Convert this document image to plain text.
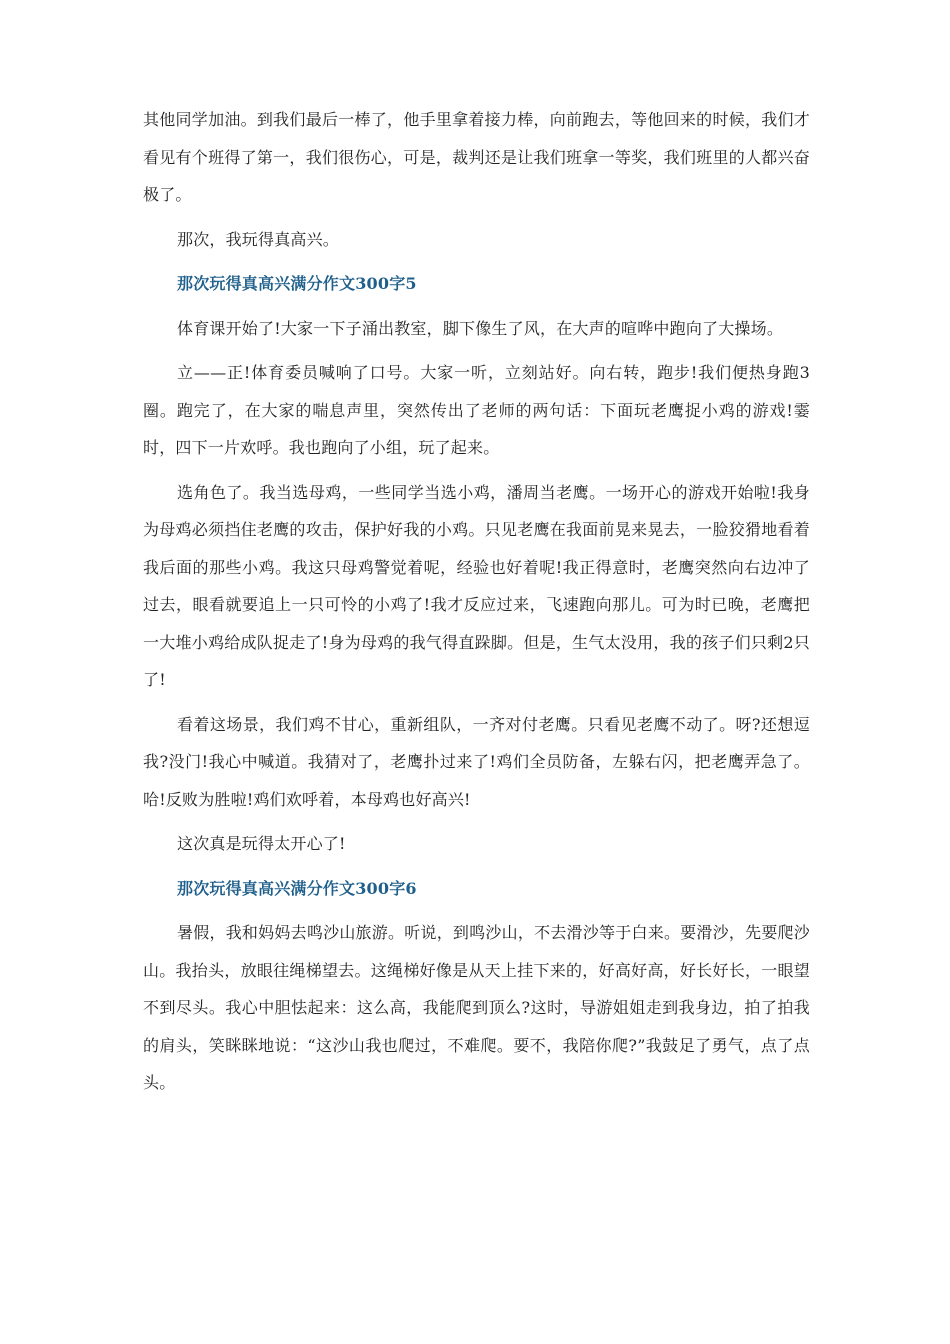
其他同学加油。到我们最后一棒了，他手里拿着接力棒，向前跑去，等他回来的时候，我们才看见有个班得了第一，我们很伤心，可是，裁判还是让我们班拿一等奖，我们班里的人都兴奋极了。

那次，我玩得真高兴。

那次玩得真高兴满分作文300字5

体育课开始了!大家一下子涌出教室，脚下像生了风，在大声的喧哗中跑向了大操场。

立——正!体育委员喊响了口号。大家一听，立刻站好。向右转，跑步!我们便热身跑3圈。跑完了，在大家的喘息声里，突然传出了老师的两句话：下面玩老鹰捉小鸡的游戏!霎时，四下一片欢呼。我也跑向了小组，玩了起来。

选角色了。我当选母鸡，一些同学当选小鸡，潘周当老鹰。一场开心的游戏开始啦!我身为母鸡必须挡住老鹰的攻击，保护好我的小鸡。只见老鹰在我面前晃来晃去，一脸狡猾地看着我后面的那些小鸡。我这只母鸡警觉着呢，经验也好着呢!我正得意时，老鹰突然向右边冲了过去，眼看就要追上一只可怜的小鸡了!我才反应过来，飞速跑向那儿。可为时已晚，老鹰把一大堆小鸡给成队捉走了!身为母鸡的我气得直跺脚。但是，生气太没用，我的孩子们只剩2只了!

看着这场景，我们鸡不甘心，重新组队，一齐对付老鹰。只看见老鹰不动了。呀?还想逗我?没门!我心中喊道。我猜对了，老鹰扑过来了!鸡们全员防备，左躲右闪，把老鹰弄急了。哈!反败为胜啦!鸡们欢呼着，本母鸡也好高兴!

这次真是玩得太开心了!

那次玩得真高兴满分作文300字6

暑假，我和妈妈去鸣沙山旅游。听说，到鸣沙山，不去滑沙等于白来。要滑沙，先要爬沙山。我抬头，放眼往绳梯望去。这绳梯好像是从天上挂下来的，好高好高，好长好长，一眼望不到尽头。我心中胆怯起来：这么高，我能爬到顶么?这时，导游姐姐走到我身边，拍了拍我的肩头，笑眯眯地说：“这沙山我也爬过，不难爬。要不，我陪你爬?”我鼓足了勇气，点了点头。
